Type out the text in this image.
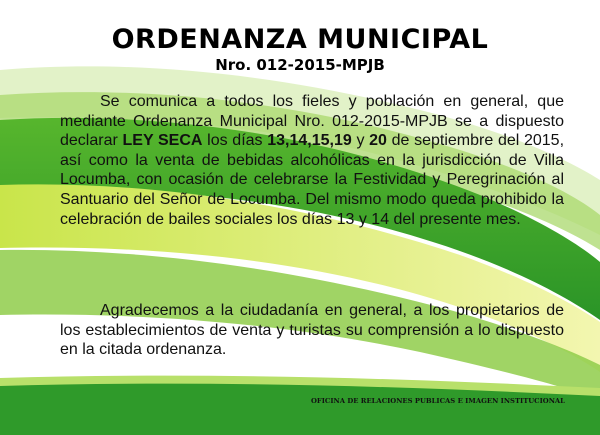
ORDENANZA MUNICIPAL
Nro. 012-2015-MPJB

Se comunica a todos los fieles y población en general, que mediante Ordenanza Municipal Nro. 012-2015-MPJB se a dispuesto declarar LEY SECA los días 13,14,15,19 y 20 de septiembre del 2015, así como la venta de bebidas alcohólicas en la jurisdicción de Villa Locumba, con ocasión de celebrarse la Festividad y Peregrinación al Santuario del Señor de Locumba. Del mismo modo queda prohibido la celebración de bailes sociales los días 13 y 14 del presente mes.

Agradecemos a la ciudadanía en general, a los propietarios de los establecimientos de venta y turistas su comprensión a lo dispuesto en la citada ordenanza.

OFICINA DE RELACIONES PUBLICAS E IMAGEN INSTITUCIONAL
